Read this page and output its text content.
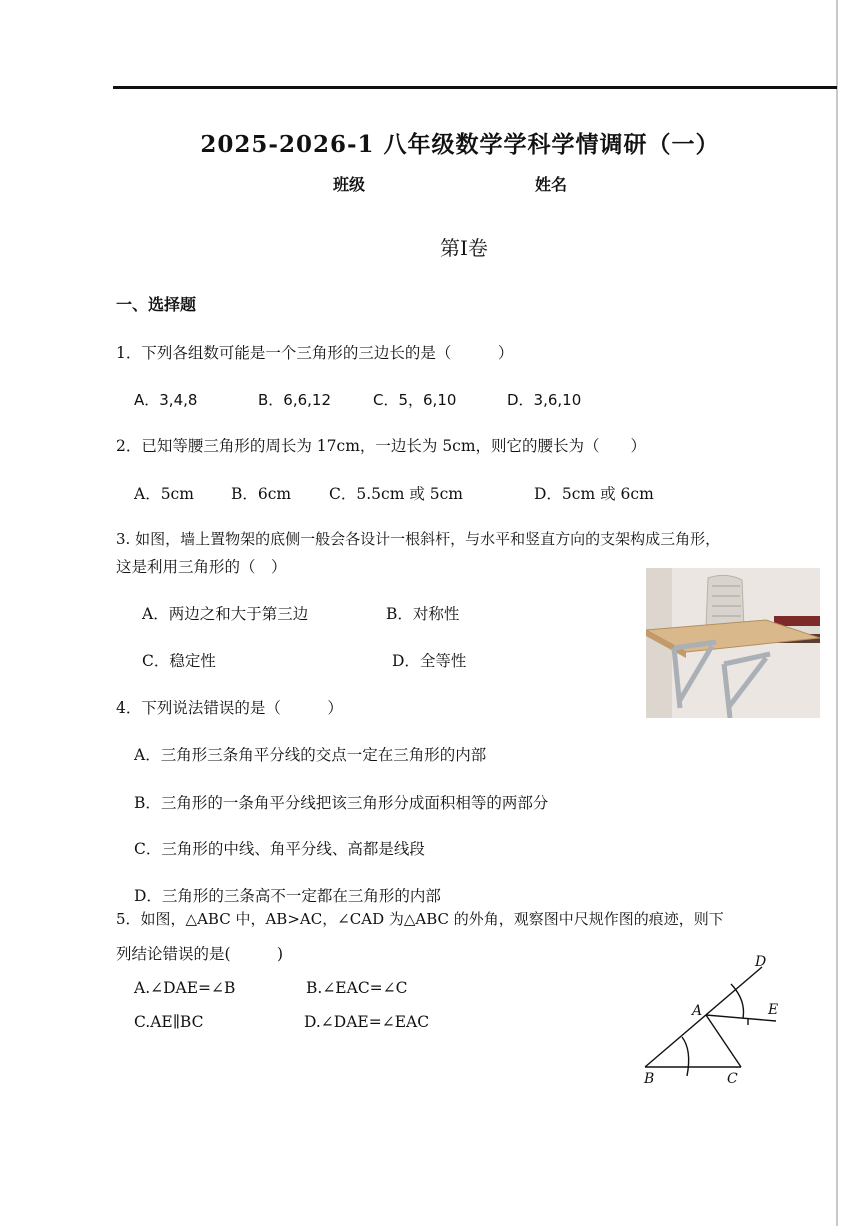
2025-2026-1 八年级数学学科学情调研（一）
班级	姓名
第Ⅰ卷
一、选择题
1．下列各组数可能是一个三角形的三边长的是（　　　）
A．3,4,8	B．6,6,12	C．5，6,10	D．3,6,10
2．已知等腰三角形的周长为 17cm，一边长为 5cm，则它的腰长为（　　）
A．5cm B．6cm C．5.5cm 或 5cm	D．5cm 或 6cm
3. 如图，墙上置物架的底侧一般会各设计一根斜杆，与水平和竖直方向的支架构成三角形，
这是利用三角形的（　）
A．两边之和大于第三边	B．对称性
C．稳定性	D．全等性
4．下列说法错误的是（　　　）
A．三角形三条角平分线的交点一定在三角形的内部
B．三角形的一条角平分线把该三角形分成面积相等的两部分
C．三角形的中线、角平分线、高都是线段
D．三角形的三条高不一定都在三角形的内部
5．如图，△ABC 中，AB>AC，∠CAD 为△ABC 的外角，观察图中尺规作图的痕迹，则下
列结论错误的是(　　　)
A.∠DAE=∠B	B.∠EAC=∠C
C.AE∥BC	D.∠DAE=∠EAC
D
A	E
B	C
